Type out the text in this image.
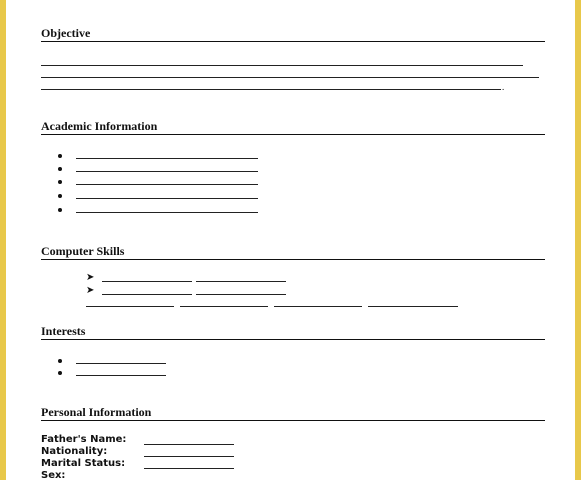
Objective
.
Academic Information
Computer Skills
➤
➤
Interests
Personal Information
Father's Name:
Nationality:
Marital Status:
Sex:
